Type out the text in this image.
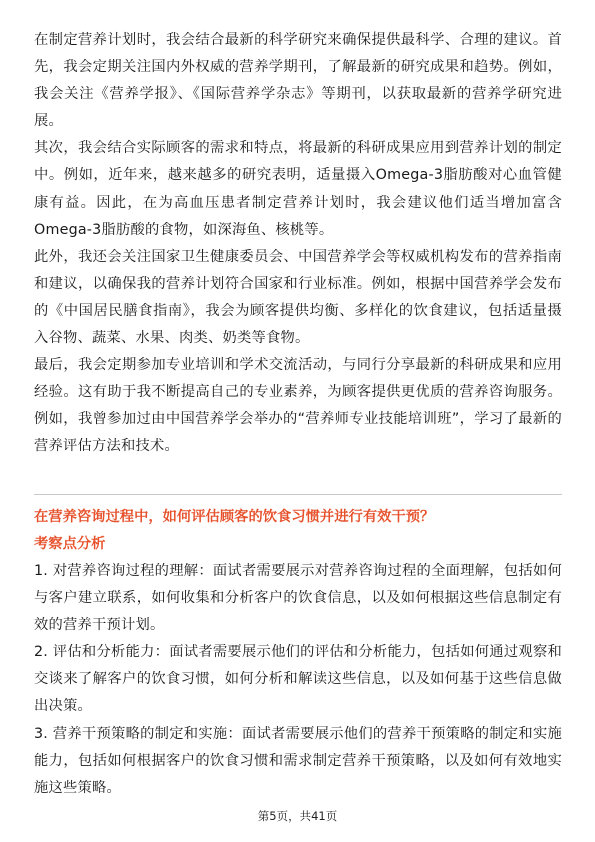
在制定营养计划时，我会结合最新的科学研究来确保提供最科学、合理的建议。首先，我会定期关注国内外权威的营养学期刊，了解最新的研究成果和趋势。例如，我会关注《营养学报》、《国际营养学杂志》等期刊，以获取最新的营养学研究进展。

其次，我会结合实际顾客的需求和特点，将最新的科研成果应用到营养计划的制定中。例如，近年来，越来越多的研究表明，适量摄入Omega-3脂肪酸对心血管健康有益。因此，在为高血压患者制定营养计划时，我会建议他们适当增加富含Omega-3脂肪酸的食物，如深海鱼、核桃等。

此外，我还会关注国家卫生健康委员会、中国营养学会等权威机构发布的营养指南和建议，以确保我的营养计划符合国家和行业标准。例如，根据中国营养学会发布的《中国居民膳食指南》，我会为顾客提供均衡、多样化的饮食建议，包括适量摄入谷物、蔬菜、水果、肉类、奶类等食物。

最后，我会定期参加专业培训和学术交流活动，与同行分享最新的科研成果和应用经验。这有助于我不断提高自己的专业素养，为顾客提供更优质的营养咨询服务。例如，我曾参加过由中国营养学会举办的“营养师专业技能培训班”，学习了最新的营养评估方法和技术。

在营养咨询过程中，如何评估顾客的饮食习惯并进行有效干预？

考察点分析

1. 对营养咨询过程的理解：面试者需要展示对营养咨询过程的全面理解，包括如何与客户建立联系，如何收集和分析客户的饮食信息，以及如何根据这些信息制定有效的营养干预计划。

2. 评估和分析能力：面试者需要展示他们的评估和分析能力，包括如何通过观察和交谈来了解客户的饮食习惯，如何分析和解读这些信息，以及如何基于这些信息做出决策。

3. 营养干预策略的制定和实施：面试者需要展示他们的营养干预策略的制定和实施能力，包括如何根据客户的饮食习惯和需求制定营养干预策略，以及如何有效地实施这些策略。

第5页，共41页
